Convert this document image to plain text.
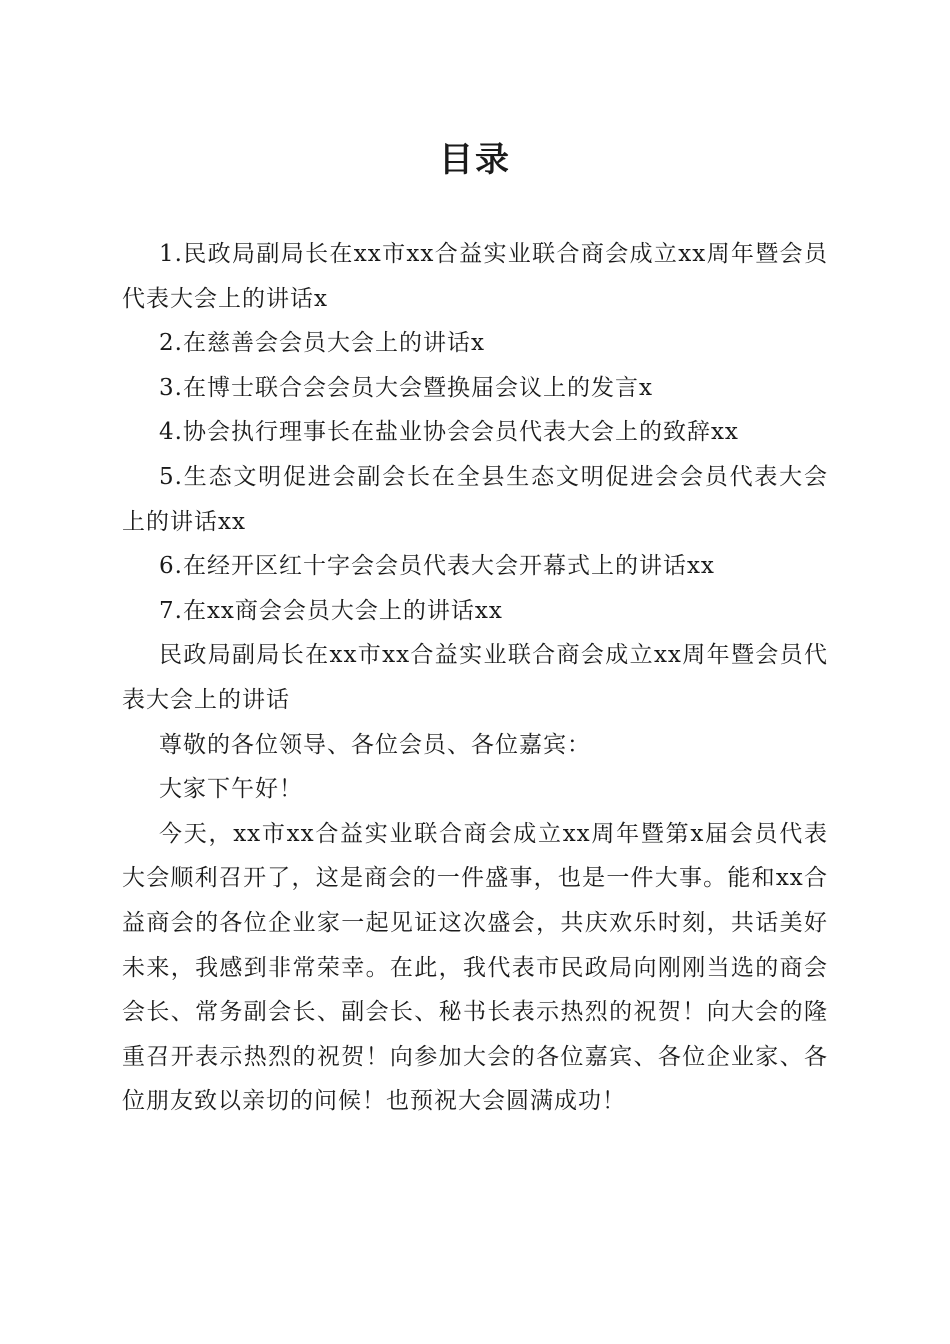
目录

1.民政局副局长在xx市xx合益实业联合商会成立xx周年暨会员代表大会上的讲话x

2.在慈善会会员大会上的讲话x

3.在博士联合会会员大会暨换届会议上的发言x

4.协会执行理事长在盐业协会会员代表大会上的致辞xx

5.生态文明促进会副会长在全县生态文明促进会会员代表大会上的讲话xx

6.在经开区红十字会会员代表大会开幕式上的讲话xx

7.在xx商会会员大会上的讲话xx

民政局副局长在xx市xx合益实业联合商会成立xx周年暨会员代表大会上的讲话

尊敬的各位领导、各位会员、各位嘉宾：

大家下午好！

今天，xx市xx合益实业联合商会成立xx周年暨第x届会员代表大会顺利召开了，这是商会的一件盛事，也是一件大事。能和xx合益商会的各位企业家一起见证这次盛会，共庆欢乐时刻，共话美好未来，我感到非常荣幸。在此，我代表市民政局向刚刚当选的商会会长、常务副会长、副会长、秘书长表示热烈的祝贺！向大会的隆重召开表示热烈的祝贺！向参加大会的各位嘉宾、各位企业家、各位朋友致以亲切的问候！也预祝大会圆满成功！
